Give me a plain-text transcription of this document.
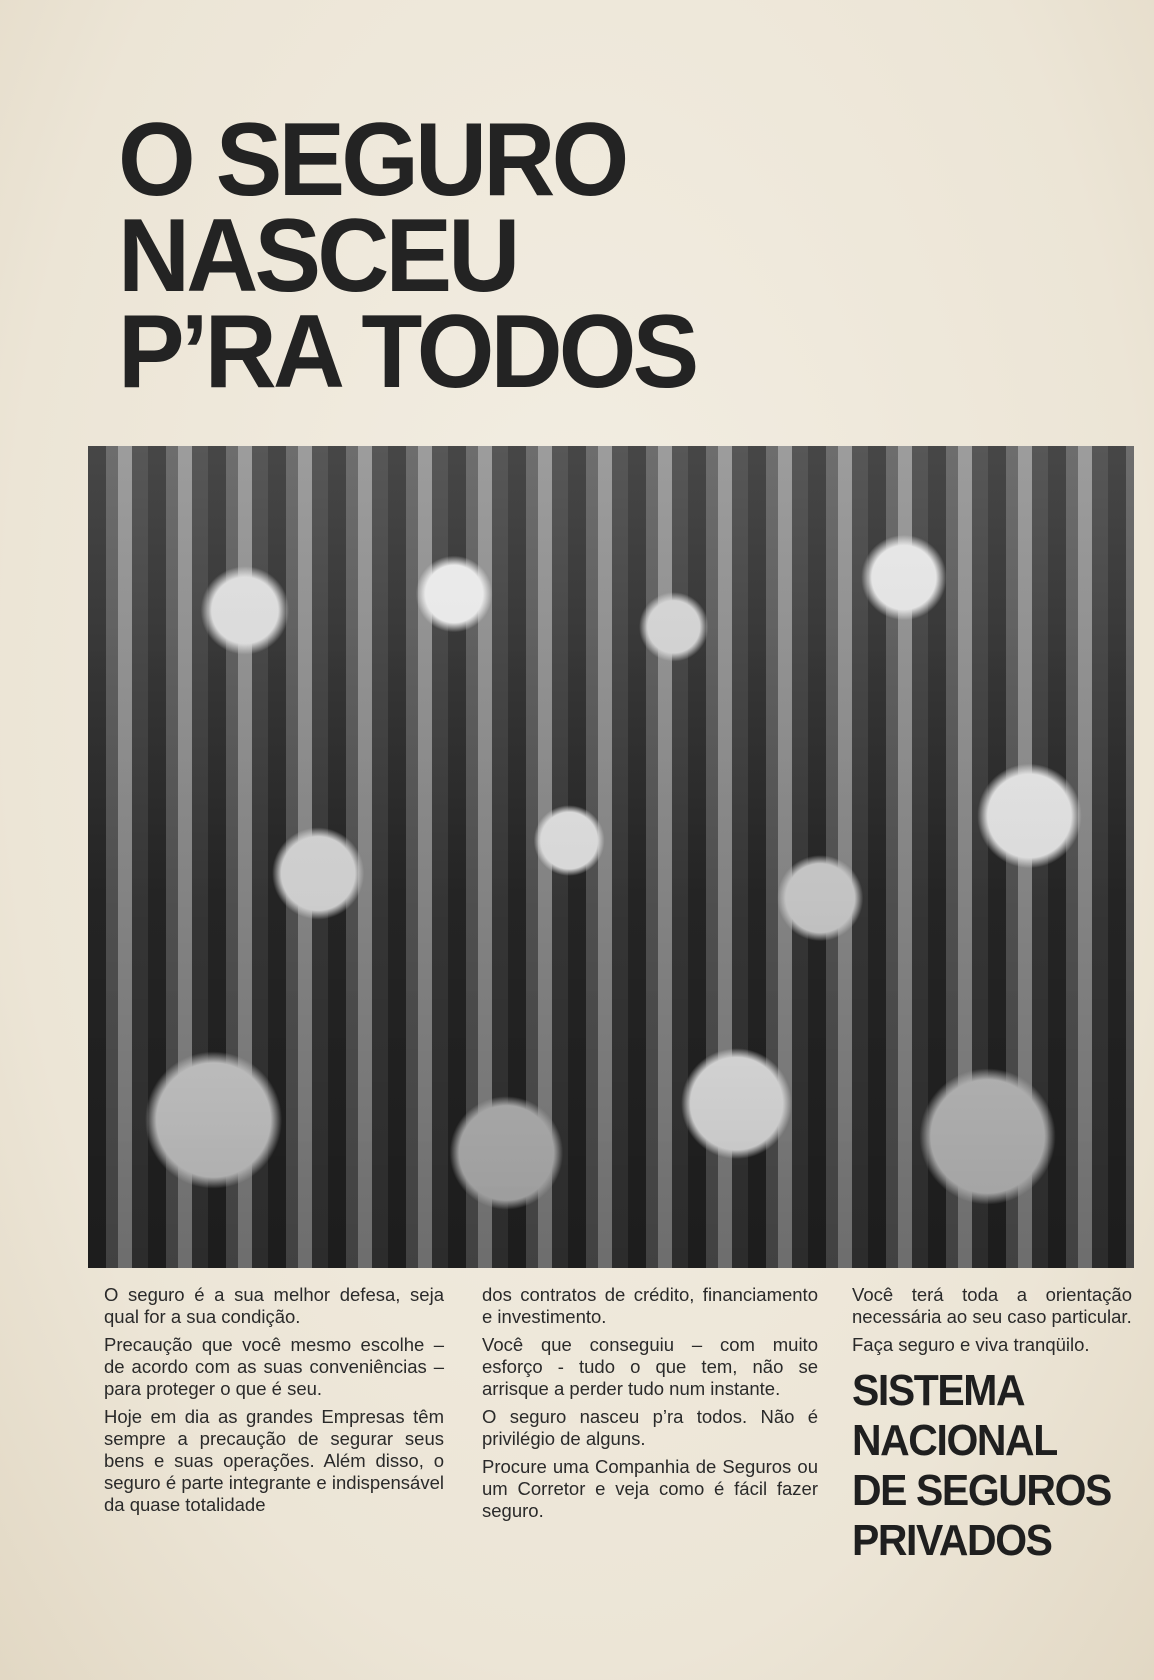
O SEGURO
NASCEU
P’RA TODOS

O seguro é a sua melhor defesa, seja qual for a sua condição.

Precaução que você mesmo escolhe – de acordo com as suas conveniências – para proteger o que é seu.

Hoje em dia as grandes Empresas têm sempre a precaução de segurar seus bens e suas operações. Além disso, o seguro é parte integrante e indispensável da quase totalidade

dos contratos de crédito, financiamento e investimento.

Você que conseguiu – com muito esforço - tudo o que tem, não se arrisque a perder tudo num instante.

O seguro nasceu p’ra todos. Não é privilégio de alguns.

Procure uma Companhia de Seguros ou um Corretor e veja como é fácil fazer seguro.

Você terá toda a orientação necessária ao seu caso particular.

Faça seguro e viva tranqüilo.

SISTEMA
NACIONAL
DE SEGUROS
PRIVADOS
